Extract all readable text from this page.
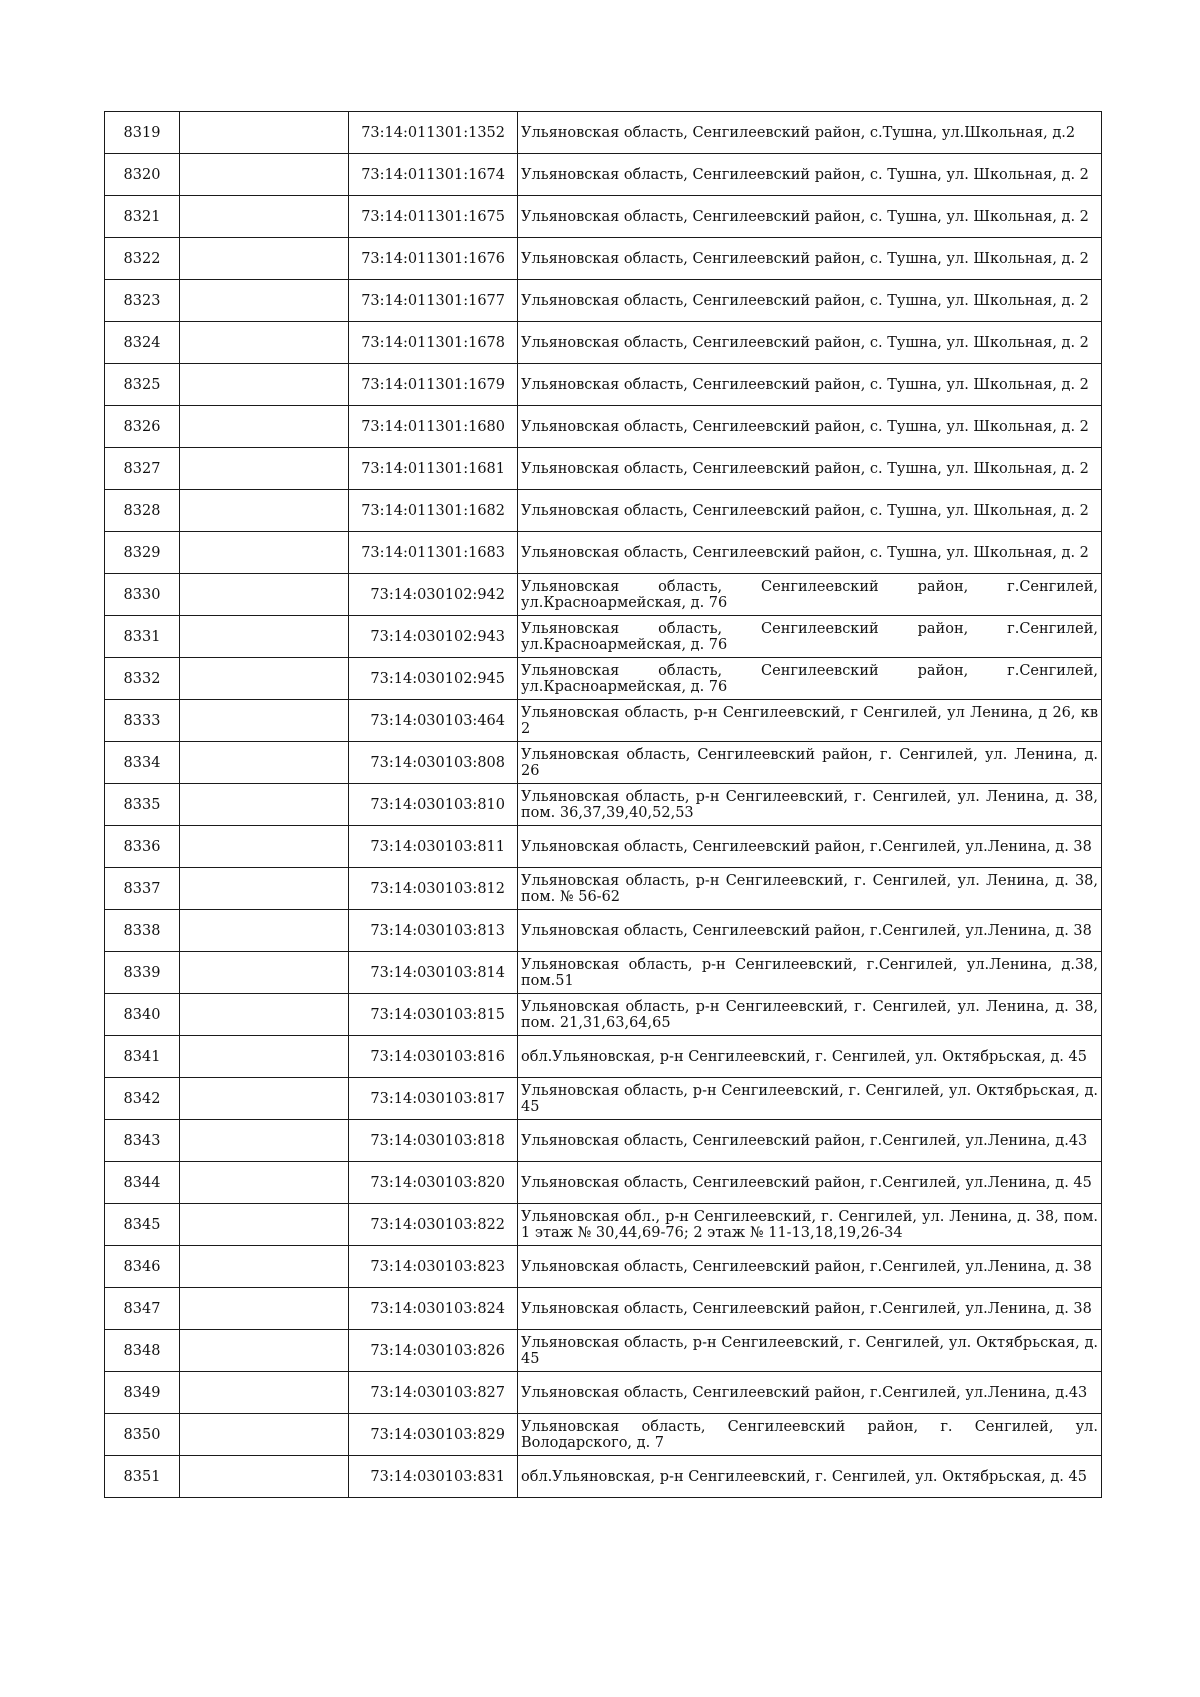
8319		73:14:011301:1352	Ульяновская область, Сенгилеевский район, с.Тушна, ул.Школьная, д.2
8320		73:14:011301:1674	Ульяновская область, Сенгилеевский район, с. Тушна, ул. Школьная, д. 2
8321		73:14:011301:1675	Ульяновская область, Сенгилеевский район, с. Тушна, ул. Школьная, д. 2
8322		73:14:011301:1676	Ульяновская область, Сенгилеевский район, с. Тушна, ул. Школьная, д. 2
8323		73:14:011301:1677	Ульяновская область, Сенгилеевский район, с. Тушна, ул. Школьная, д. 2
8324		73:14:011301:1678	Ульяновская область, Сенгилеевский район, с. Тушна, ул. Школьная, д. 2
8325		73:14:011301:1679	Ульяновская область, Сенгилеевский район, с. Тушна, ул. Школьная, д. 2
8326		73:14:011301:1680	Ульяновская область, Сенгилеевский район, с. Тушна, ул. Школьная, д. 2
8327		73:14:011301:1681	Ульяновская область, Сенгилеевский район, с. Тушна, ул. Школьная, д. 2
8328		73:14:011301:1682	Ульяновская область, Сенгилеевский район, с. Тушна, ул. Школьная, д. 2
8329		73:14:011301:1683	Ульяновская область, Сенгилеевский район, с. Тушна, ул. Школьная, д. 2
8330		73:14:030102:942	Ульяновская область, Сенгилеевский район, г.Сенгилей, ул.Красноармейская, д. 76
8331		73:14:030102:943	Ульяновская область, Сенгилеевский район, г.Сенгилей, ул.Красноармейская, д. 76
8332		73:14:030102:945	Ульяновская область, Сенгилеевский район, г.Сенгилей, ул.Красноармейская, д. 76
8333		73:14:030103:464	Ульяновская область, р-н Сенгилеевский, г Сенгилей, ул Ленина, д 26, кв 2
8334		73:14:030103:808	Ульяновская область, Сенгилеевский район, г. Сенгилей, ул. Ленина, д. 26
8335		73:14:030103:810	Ульяновская область, р-н Сенгилеевский, г. Сенгилей, ул. Ленина, д. 38, пом. 36,37,39,40,52,53
8336		73:14:030103:811	Ульяновская область, Сенгилеевский район, г.Сенгилей, ул.Ленина, д. 38
8337		73:14:030103:812	Ульяновская область, р-н Сенгилеевский, г. Сенгилей, ул. Ленина, д. 38, пом. № 56-62
8338		73:14:030103:813	Ульяновская область, Сенгилеевский район, г.Сенгилей, ул.Ленина, д. 38
8339		73:14:030103:814	Ульяновская область, р-н Сенгилеевский, г.Сенгилей, ул.Ленина, д.38, пом.51
8340		73:14:030103:815	Ульяновская область, р-н Сенгилеевский, г. Сенгилей, ул. Ленина, д. 38, пом. 21,31,63,64,65
8341		73:14:030103:816	обл.Ульяновская, р-н Сенгилеевский, г. Сенгилей, ул. Октябрьская, д. 45
8342		73:14:030103:817	Ульяновская область, р-н Сенгилеевский, г. Сенгилей, ул. Октябрьская, д. 45
8343		73:14:030103:818	Ульяновская область, Сенгилеевский район, г.Сенгилей, ул.Ленина, д.43
8344		73:14:030103:820	Ульяновская область, Сенгилеевский район, г.Сенгилей, ул.Ленина, д. 45
8345		73:14:030103:822	Ульяновская обл., р-н Сенгилеевский, г. Сенгилей, ул. Ленина, д. 38, пом. 1 этаж № 30,44,69-76; 2 этаж № 11-13,18,19,26-34
8346		73:14:030103:823	Ульяновская область, Сенгилеевский район, г.Сенгилей, ул.Ленина, д. 38
8347		73:14:030103:824	Ульяновская область, Сенгилеевский район, г.Сенгилей, ул.Ленина, д. 38
8348		73:14:030103:826	Ульяновская область, р-н Сенгилеевский, г. Сенгилей, ул. Октябрьская, д. 45
8349		73:14:030103:827	Ульяновская область, Сенгилеевский район, г.Сенгилей, ул.Ленина, д.43
8350		73:14:030103:829	Ульяновская область, Сенгилеевский район, г. Сенгилей, ул. Володарского, д. 7
8351		73:14:030103:831	обл.Ульяновская, р-н Сенгилеевский, г. Сенгилей, ул. Октябрьская, д. 45
